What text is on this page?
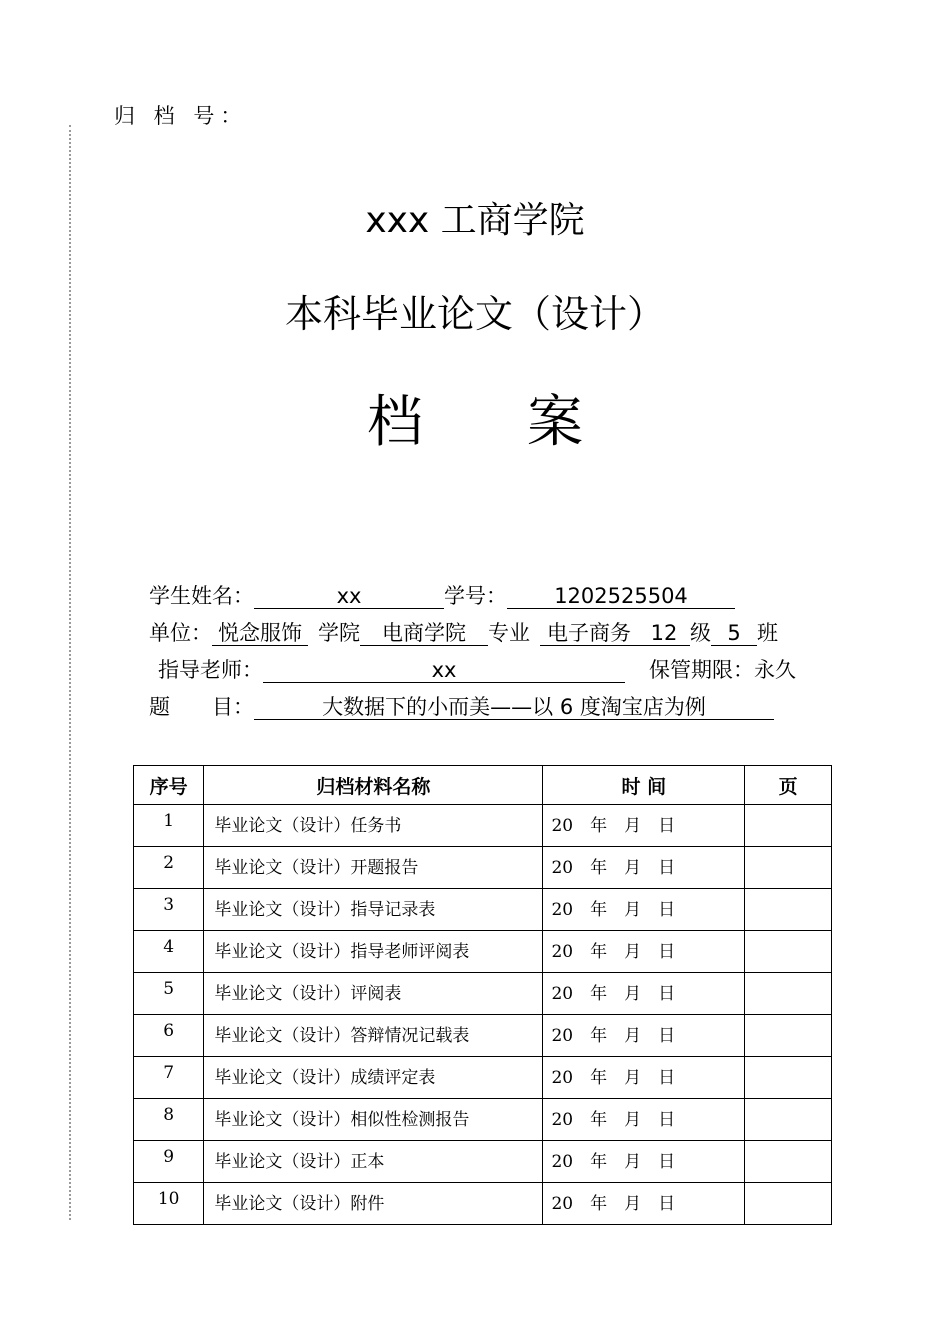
归 档 号：
xxx 工商学院
本科毕业论文（设计）
档 案
学生姓名：	xx	学号： 1202525504
单位： 悦念服饰 学院 电商学院 专业 电子商务 12 级 5 班
指导老师：	xx	保管期限：永久
题　　目：	大数据下的小而美——以 6 度淘宝店为例
序号	归档材料名称	时 间	页
1	毕业论文（设计）任务书	20　年　月　日	
2	毕业论文（设计）开题报告	20　年　月　日	
3	毕业论文（设计）指导记录表	20　年　月　日	
4	毕业论文（设计）指导老师评阅表	20　年　月　日	
5	毕业论文（设计）评阅表	20　年　月　日	
6	毕业论文（设计）答辩情况记载表	20　年　月　日	
7	毕业论文（设计）成绩评定表	20　年　月　日	
8	毕业论文（设计）相似性检测报告	20　年　月　日	
9	毕业论文（设计）正本	20　年　月　日	
10	毕业论文（设计）附件	20　年　月　日	
